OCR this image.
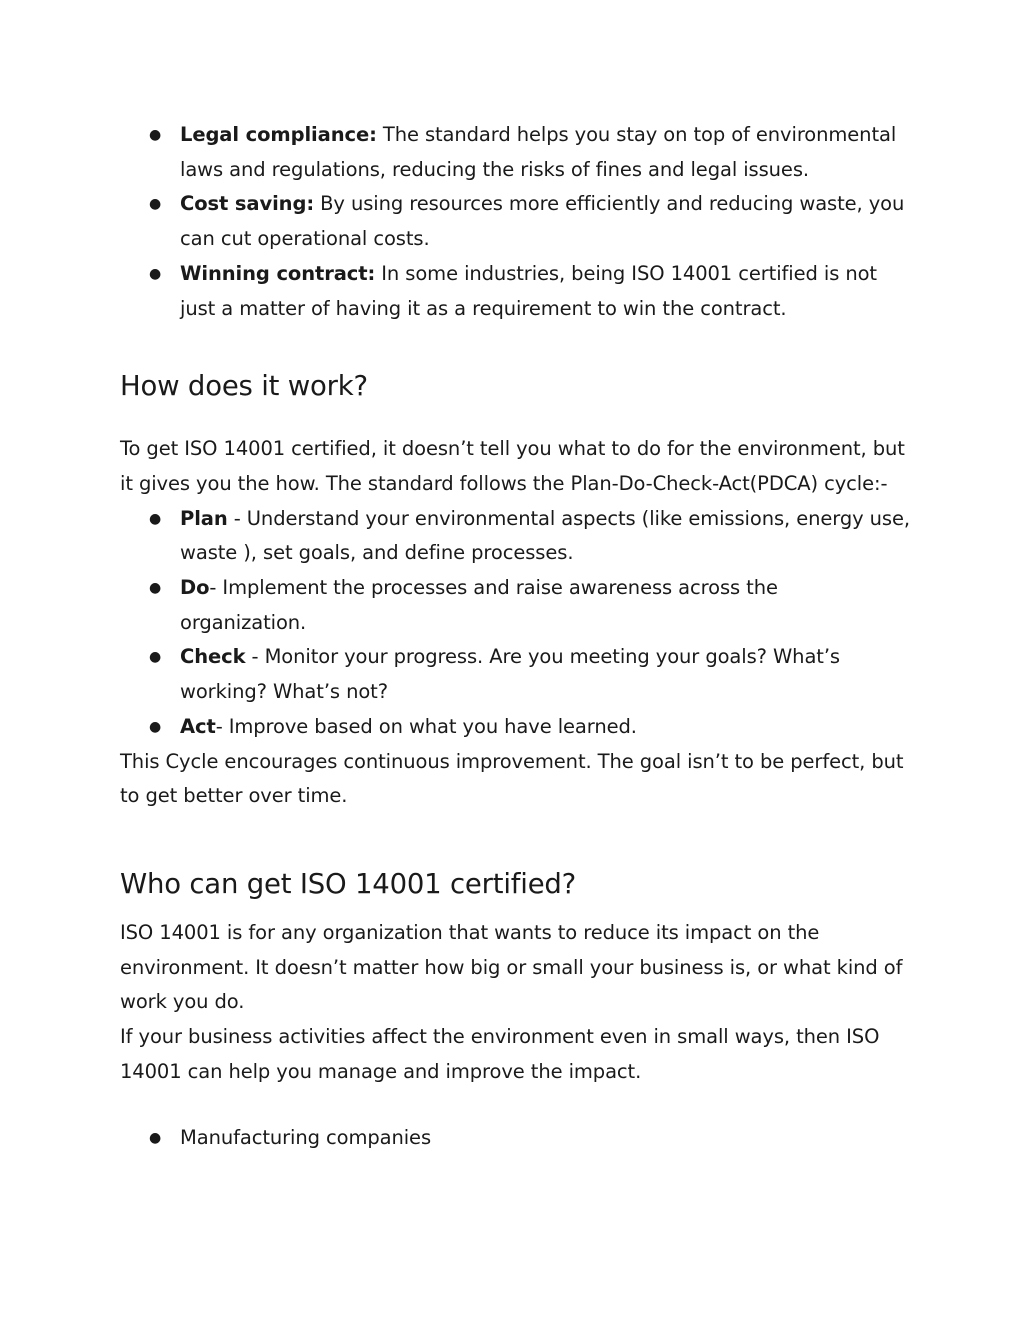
● Legal compliance: The standard helps you stay on top of environmental laws and regulations, reducing the risks of fines and legal issues.
● Cost saving: By using resources more efficiently and reducing waste, you can cut operational costs.
● Winning contract: In some industries, being ISO 14001 certified is not just a matter of having it as a requirement to win the contract.
How does it work?

To get ISO 14001 certified, it doesn’t tell you what to do for the environment, but it gives you the how. The standard follows the Plan-Do-Check-Act(PDCA) cycle:-

● Plan - Understand your environmental aspects (like emissions, energy use, waste ), set goals, and define processes.
● Do- Implement the processes and raise awareness across the organization.
● Check - Monitor your progress. Are you meeting your goals? What’s working? What’s not?
● Act- Improve based on what you have learned.

This Cycle encourages continuous improvement. The goal isn’t to be perfect, but to get better over time.

Who can get ISO 14001 certified?

ISO 14001 is for any organization that wants to reduce its impact on the environment. It doesn’t matter how big or small your business is, or what kind of work you do.

If your business activities affect the environment even in small ways, then ISO 14001 can help you manage and improve the impact.

● Manufacturing companies
